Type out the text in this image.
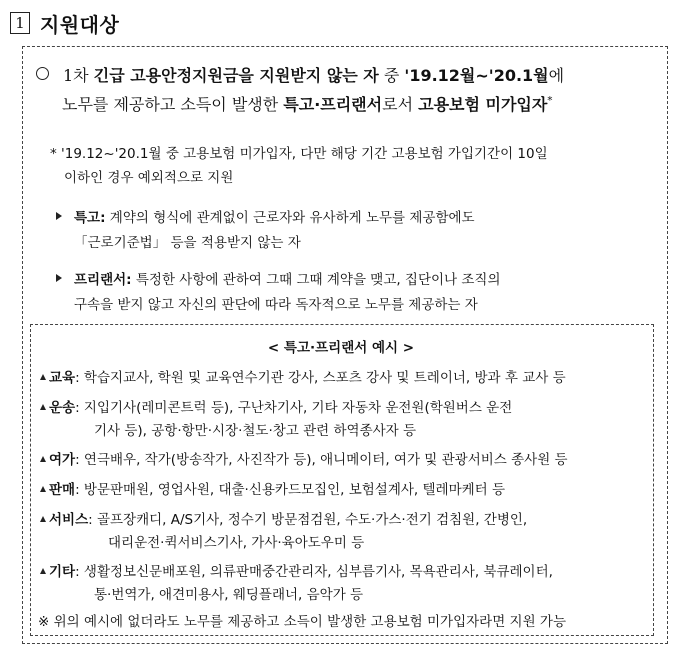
1 지원대상
1차 긴급 고용안정지원금을 지원받지 않는 자 중 '19.12월~'20.1월에
노무를 제공하고 소득이 발생한 특고·프리랜서로서 고용보험 미가입자*
* '19.12~'20.1월 중 고용보험 미가입자, 다만 해당 기간 고용보험 가입기간이 10일
이하인 경우 예외적으로 지원
특고: 계약의 형식에 관계없이 근로자와 유사하게 노무를 제공함에도
「근로기준법」 등을 적용받지 않는 자
프리랜서: 특정한 사항에 관하여 그때 그때 계약을 맺고, 집단이나 조직의
구속을 받지 않고 자신의 판단에 따라 독자적으로 노무를 제공하는 자
< 특고·프리랜서 예시 >
교육: 학습지교사, 학원 및 교육연수기관 강사, 스포츠 강사 및 트레이너, 방과 후 교사 등
운송: 지입기사(레미콘트럭 등), 구난차기사, 기타 자동차 운전원(학원버스 운전
기사 등), 공항·항만·시장·철도·창고 관련 하역종사자 등
여가: 연극배우, 작가(방송작가, 사진작가 등), 애니메이터, 여가 및 관광서비스 종사원 등
판매: 방문판매원, 영업사원, 대출·신용카드모집인, 보험설계사, 텔레마케터 등
서비스: 골프장캐디, A/S기사, 정수기 방문점검원, 수도·가스·전기 검침원, 간병인,
대리운전·퀵서비스기사, 가사·육아도우미 등
기타: 생활정보신문배포원, 의류판매중간관리자, 심부름기사, 목욕관리사, 북큐레이터,
통·번역가, 애견미용사, 웨딩플래너, 음악가 등
※ 위의 예시에 없더라도 노무를 제공하고 소득이 발생한 고용보험 미가입자라면 지원 가능
